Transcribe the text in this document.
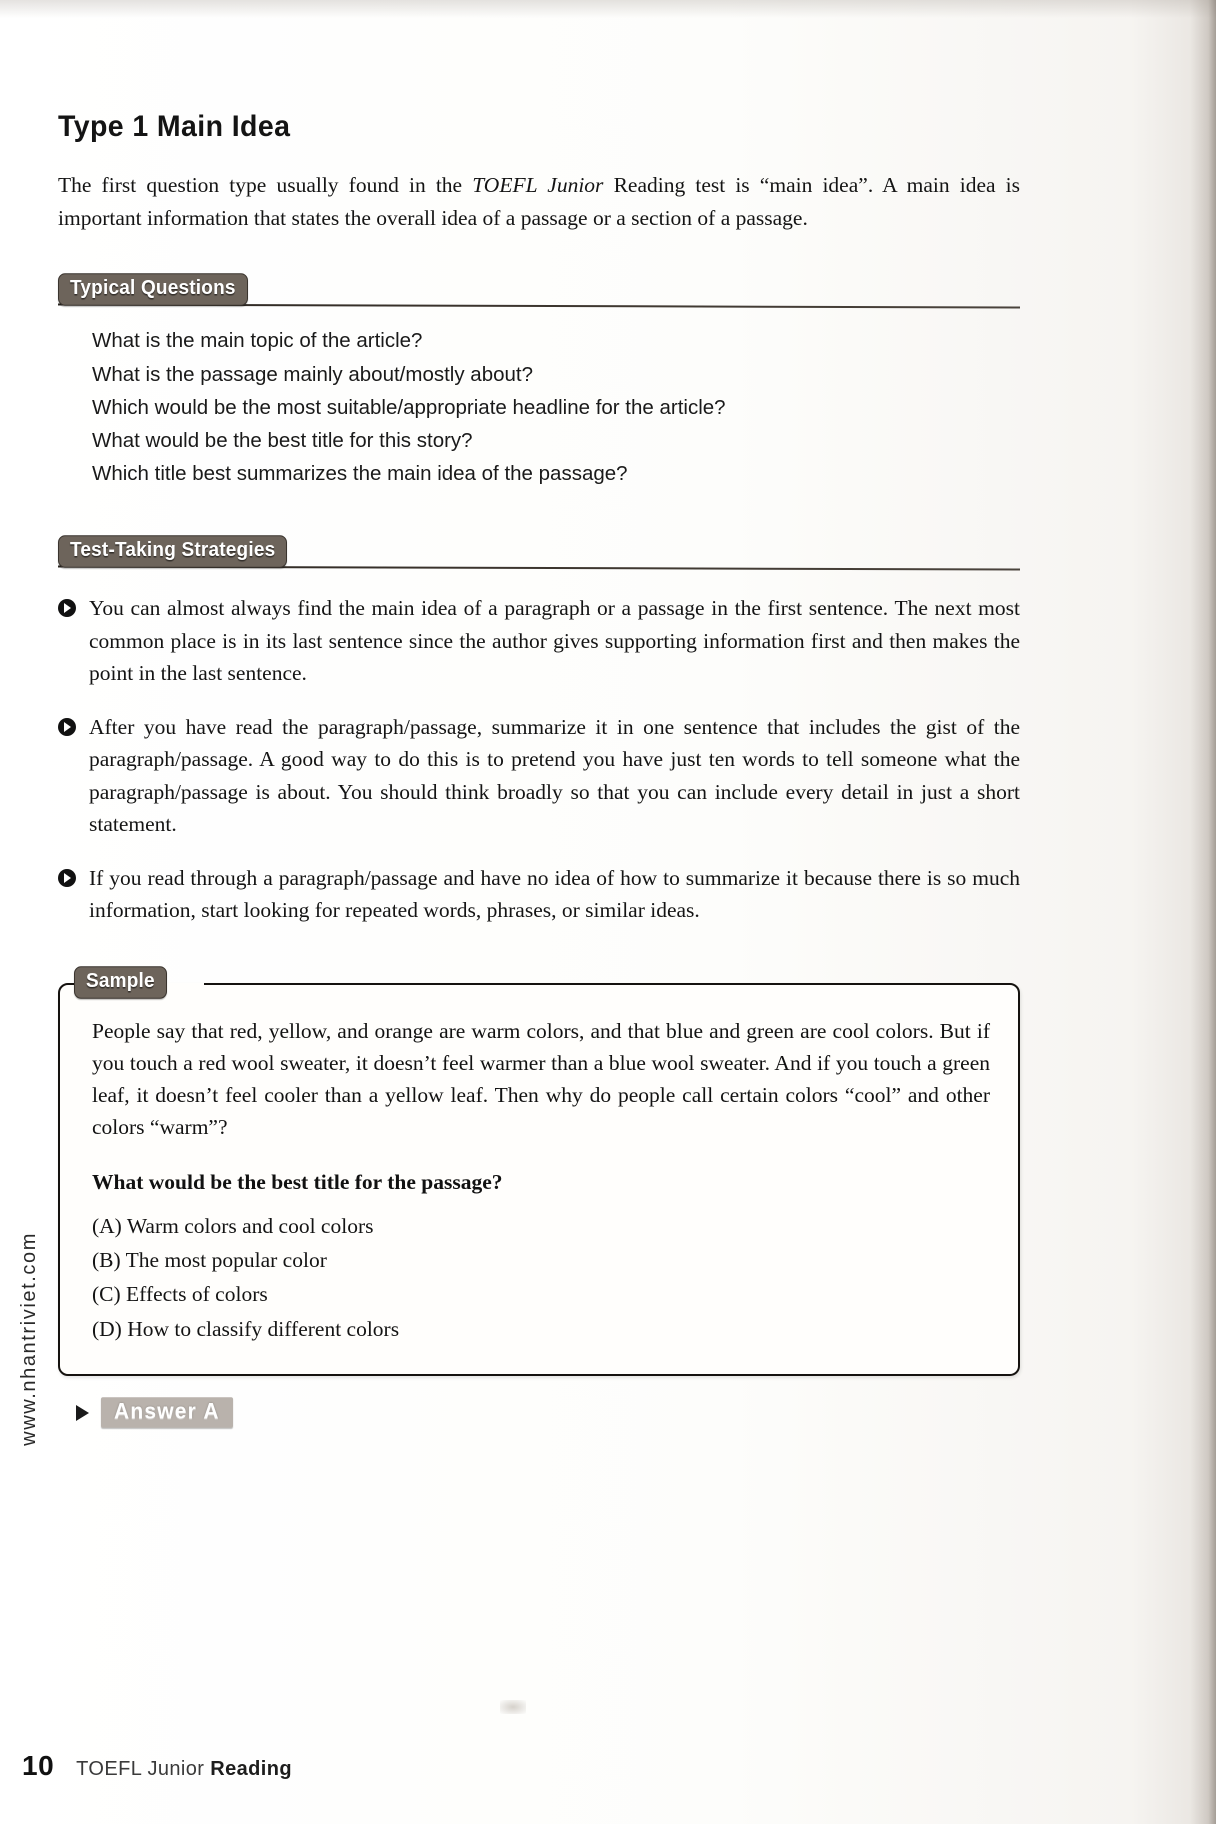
Type 1 Main Idea

The first question type usually found in the TOEFL Junior Reading test is “main idea”. A main idea is important information that states the overall idea of a passage or a section of a passage.

Typical Questions
What is the main topic of the article?
What is the passage mainly about/mostly about?
Which would be the most suitable/appropriate headline for the article?
What would be the best title for this story?
Which title best summarizes the main idea of the passage?
Test-Taking Strategies
You can almost always find the main idea of a paragraph or a passage in the first sentence. The next most common place is in its last sentence since the author gives supporting information first and then makes the point in the last sentence.
After you have read the paragraph/passage, summarize it in one sentence that includes the gist of the paragraph/passage. A good way to do this is to pretend you have just ten words to tell someone what the paragraph/passage is about. You should think broadly so that you can include every detail in just a short statement.
If you read through a paragraph/passage and have no idea of how to summarize it because there is so much information, start looking for repeated words, phrases, or similar ideas.
Sample

People say that red, yellow, and orange are warm colors, and that blue and green are cool colors. But if you touch a red wool sweater, it doesn’t feel warmer than a blue wool sweater. And if you touch a green leaf, it doesn’t feel cooler than a yellow leaf. Then why do people call certain colors “cool” and other colors “warm”?

What would be the best title for the passage?

(A) Warm colors and cool colors
(B) The most popular color
(C) Effects of colors
(D) How to classify different colors
Answer A
www.nhantriviet.com
10 TOEFL Junior Reading
